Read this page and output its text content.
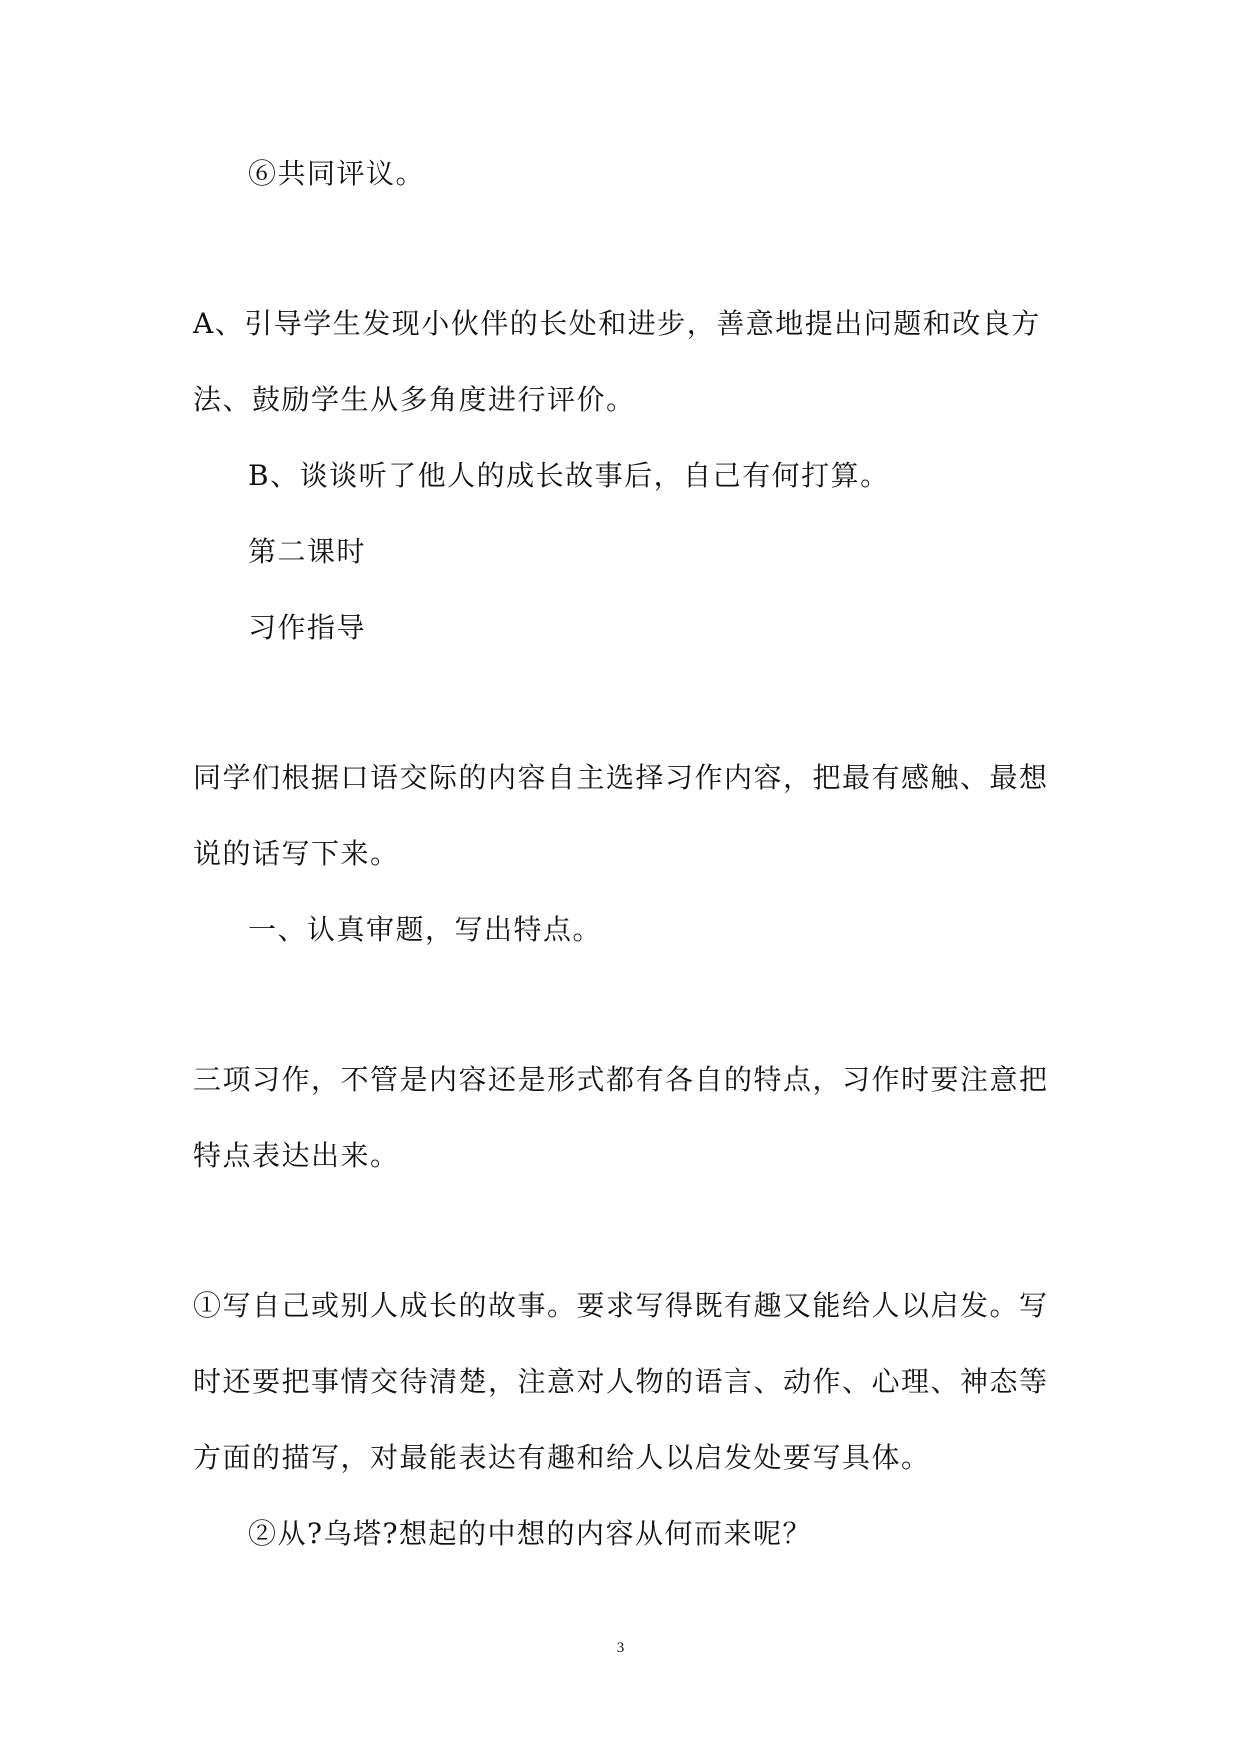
⑥共同评议。
A、引导学生发现小伙伴的长处和进步，善意地提出问题和改良方
法、鼓励学生从多角度进行评价。
B、谈谈听了他人的成长故事后，自己有何打算。
第二课时
习作指导
同学们根据口语交际的内容自主选择习作内容，把最有感触、最想
说的话写下来。
一、认真审题，写出特点。
三项习作，不管是内容还是形式都有各自的特点，习作时要注意把
特点表达出来。
①写自己或别人成长的故事。要求写得既有趣又能给人以启发。写
时还要把事情交待清楚，注意对人物的语言、动作、心理、神态等
方面的描写，对最能表达有趣和给人以启发处要写具体。
②从?乌塔?想起的中想的内容从何而来呢？
3
